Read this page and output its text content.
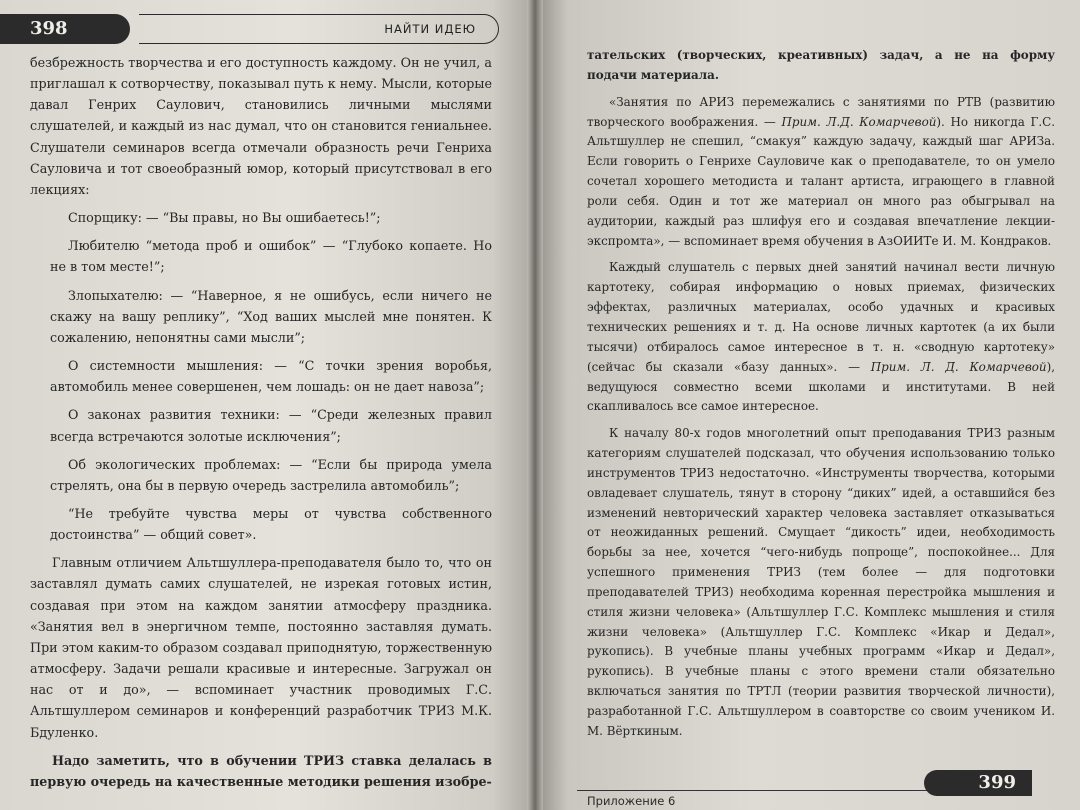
398	НАЙТИ ИДЕЮ

безбрежность творчества и его доступность каждому. Он не учил, а приглашал к сотворчеству, показывал путь к нему. Мысли, которые давал Генрих Саулович, становились личными мыслями слушателей, и каждый из нас думал, что он становится гениальнее. Слушатели семинаров всегда отмечали образность речи Генриха Сауловича и тот своеобразный юмор, который присутствовал в его лекциях:

Спорщику: — “Вы правы, но Вы ошибаетесь!”;

Любителю “метода проб и ошибок” — “Глубоко копаете. Но не в том месте!”;

Злопыхателю: — “Наверное, я не ошибусь, если ничего не скажу на вашу реплику”, “Ход ваших мыслей мне понятен. К сожалению, непонятны сами мысли”;

О системности мышления: — “С точки зрения воробья, автомобиль менее совершенен, чем лошадь: он не дает навоза”;

О законах развития техники: — “Среди железных правил всегда встречаются золотые исключения”;

Об экологических проблемах: — “Если бы природа умела стрелять, она бы в первую очередь застрелила автомобиль”;

“Не требуйте чувства меры от чувства собственного достоинства” — общий совет».

Главным отличием Альтшуллера-преподавателя было то, что он заставлял думать самих слушателей, не изрекая готовых истин, создавая при этом на каждом занятии атмосферу праздника. «Занятия вел в энергичном темпе, постоянно заставляя думать. При этом каким-то образом создавал приподнятую, торжественную атмосферу. Задачи решали красивые и интересные. Загружал он нас от и до», — вспоминает участник проводимых Г.С. Альтшуллером семинаров и конференций разработчик ТРИЗ М.К. Бдуленко.

Надо заметить, что в обучении ТРИЗ ставка делалась в первую очередь на качественные методики решения изобре-

тательских (творческих, креативных) задач, а не на форму подачи материала.

«Занятия по АРИЗ перемежались с занятиями по РТВ (развитию творческого воображения. — Прим. Л.Д. Комарчевой). Но никогда Г.С. Альтшуллер не спешил, “смакуя” каждую задачу, каждый шаг АРИЗа. Если говорить о Генрихе Сауловиче как о преподавателе, то он умело сочетал хорошего методиста и талант артиста, играющего в главной роли себя. Один и тот же материал он много раз обыгрывал на аудитории, каждый раз шлифуя его и создавая впечатление лекции-экспромта», — вспоминает время обучения в АзОИИТе И. М. Кондраков.

Каждый слушатель с первых дней занятий начинал вести личную картотеку, собирая информацию о новых приемах, физических эффектах, различных материалах, особо удачных и красивых технических решениях и т. д. На основе личных картотек (а их были тысячи) отбиралось самое интересное в т. н. «сводную картотеку» (сейчас бы сказали «базу данных». — Прим. Л. Д. Комарчевой), ведущуюся совместно всеми школами и институтами. В ней скапливалось все самое интересное.

К началу 80-х годов многолетний опыт преподавания ТРИЗ разным категориям слушателей подсказал, что обучения использованию только инструментов ТРИЗ недостаточно. «Инструменты творчества, которыми овладевает слушатель, тянут в сторону “диких” идей, а оставшийся без изменений невторический характер человека заставляет отказываться от неожиданных решений. Смущает “дикость” идеи, необходимость борьбы за нее, хочется “чего-нибудь попроще”, поспокойнее... Для успешного применения ТРИЗ (тем более — для подготовки преподавателей ТРИЗ) необходима коренная перестройка мышления и стиля жизни человека» (Альтшуллер Г.С. Комплекс мышления и стиля жизни человека» (Альтшуллер Г.С. Комплекс «Икар и Дедал», рукопись). В учебные планы учебных программ «Икар и Дедал», рукопись). В учебные планы с этого времени стали обязательно включаться занятия по ТРТЛ (теории развития творческой личности), разработанной Г.С. Альтшуллером в соавторстве со своим учеником И. М. Вёрткиным.

Приложение 6
399
